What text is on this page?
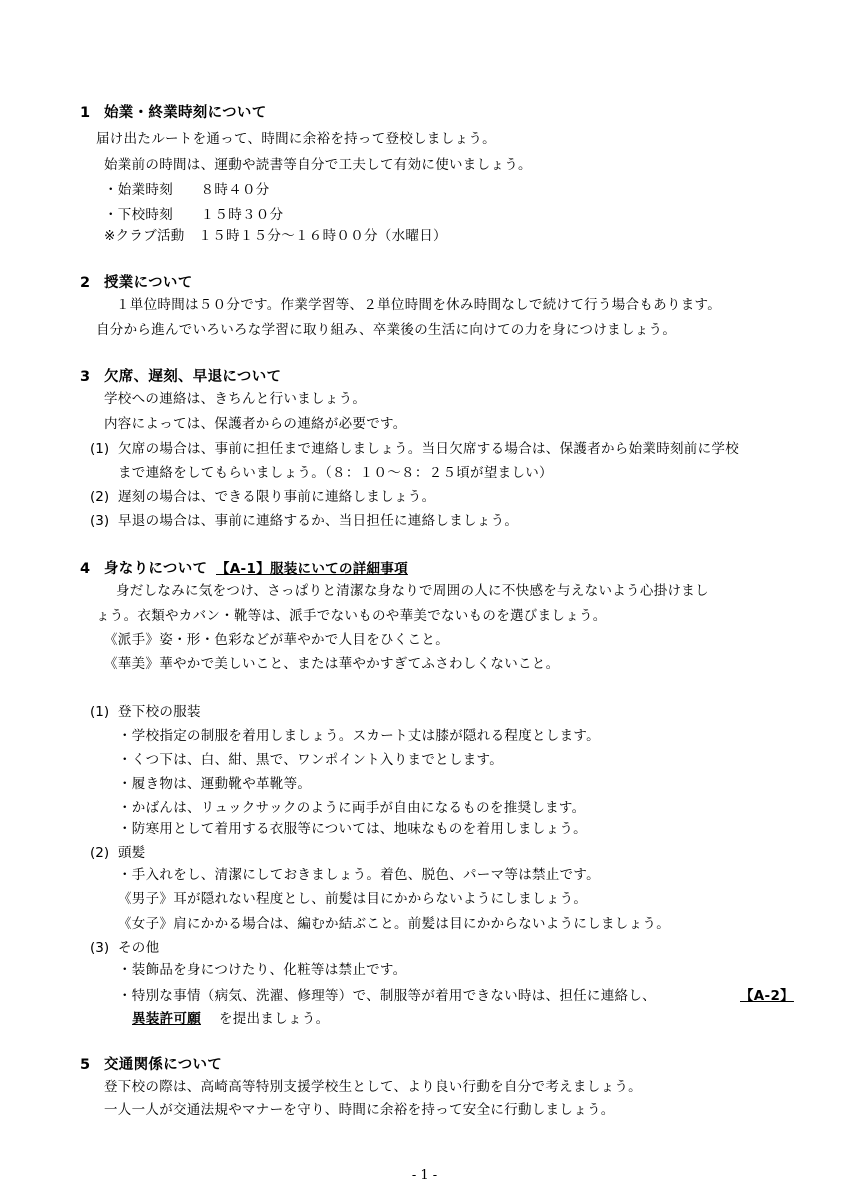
1 始業・終業時刻について
届け出たルートを通って、時間に余裕を持って登校しましょう。
始業前の時間は、運動や読書等自分で工夫して有効に使いましょう。
・始業時刻　　８時４０分
・下校時刻　　１５時３０分
※クラブ活動　１５時１５分～１６時００分（水曜日）
2 授業について
１単位時間は５０分です。作業学習等、２単位時間を休み時間なしで続けて行う場合もあります。
自分から進んでいろいろな学習に取り組み、卒業後の生活に向けての力を身につけましょう。
3 欠席、遅刻、早退について
学校への連絡は、きちんと行いましょう。
内容によっては、保護者からの連絡が必要です。
(1) 欠席の場合は、事前に担任まで連絡しましょう。当日欠席する場合は、保護者から始業時刻前に学校
まで連絡をしてもらいましょう。（８：１０～８：２５頃が望ましい）
(2) 遅刻の場合は、できる限り事前に連絡しましょう。
(3) 早退の場合は、事前に連絡するか、当日担任に連絡しましょう。
4 身なりについて 【A-1】服装にいての詳細事項
身だしなみに気をつけ、さっぱりと清潔な身なりで周囲の人に不快感を与えないよう心掛けまし
ょう。衣類やカバン・靴等は、派手でないものや華美でないものを選びましょう。
《派手》姿・形・色彩などが華やかで人目をひくこと。
《華美》華やかで美しいこと、または華やかすぎてふさわしくないこと。
(1) 登下校の服装
・学校指定の制服を着用しましょう。スカート丈は膝が隠れる程度とします。
・くつ下は、白、紺、黒で、ワンポイント入りまでとします。
・履き物は、運動靴や革靴等。
・かばんは、リュックサックのように両手が自由になるものを推奨します。
・防寒用として着用する衣服等については、地味なものを着用しましょう。
(2) 頭髪
・手入れをし、清潔にしておきましょう。着色、脱色、パーマ等は禁止です。
《男子》耳が隠れない程度とし、前髪は目にかからないようにしましょう。
《女子》肩にかかる場合は、編むか結ぶこと。前髪は目にかからないようにしましょう。
(3) その他
・装飾品を身につけたり、化粧等は禁止です。
・特別な事情（病気、洗濯、修理等）で、制服等が着用できない時は、担任に連絡し、	【A-2】
異装許可願 を提出ましょう。
5 交通関係について
登下校の際は、高崎高等特別支援学校生として、より良い行動を自分で考えましょう。
一人一人が交通法規やマナーを守り、時間に余裕を持って安全に行動しましょう。
- 1 -
